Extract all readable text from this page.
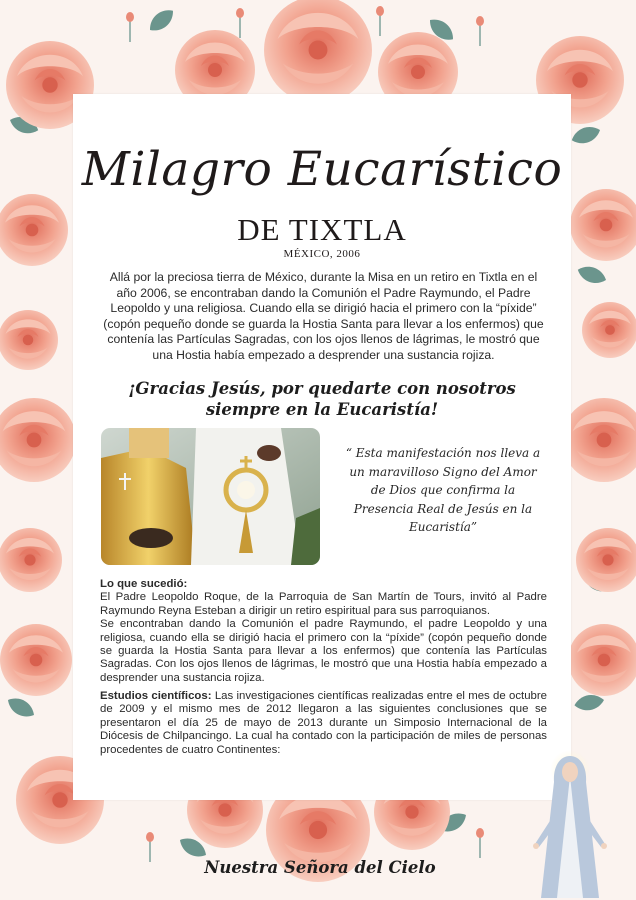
Milagro Eucarístico
DE TIXTLA
MÉXICO, 2006

Allá por la preciosa tierra de México, durante la Misa en un retiro en Tixtla en el año 2006, se encontraban dando la Comunión el Padre Raymundo, el Padre Leopoldo y una religiosa. Cuando ella se dirigió hacia el primero con la “píxide” (copón pequeño donde se guarda la Hostia Santa para llevar a los enfermos) que contenía las Partículas Sagradas, con los ojos llenos de lágrimas, le mostró que una Hostia había empezado a desprender una sustancia rojiza.

¡Gracias Jesús, por quedarte con nosotros
siempre en la Eucaristía!

“ Esta manifestación nos lleva a un maravilloso Signo del Amor de Dios que confirma la Presencia Real de Jesús en la Eucaristía”

Lo que sucedió:
El Padre Leopoldo Roque, de la Parroquia de San Martín de Tours, invitó al Padre Raymundo Reyna Esteban a dirigir un retiro espiritual para sus parroquianos.
Se encontraban dando la Comunión el padre Raymundo, el padre Leopoldo y una religiosa, cuando ella se dirigió hacia el primero con la “píxide” (copón pequeño donde se guarda la Hostia Santa para llevar a los enfermos) que contenía las Partículas Sagradas. Con los ojos llenos de lágrimas, le mostró que una Hostia había empezado a desprender una sustancia rojiza.
Estudios científicos: Las investigaciones científicas realizadas entre el mes de octubre de 2009 y el mismo mes de 2012 llegaron a las siguientes conclusiones que se presentaron el día 25 de mayo de 2013 durante un Simposio Internacional de la Diócesis de Chilpancingo. La cual ha contado con la participación de miles de personas procedentes de cuatro Continentes:
Nuestra Señora del Cielo
